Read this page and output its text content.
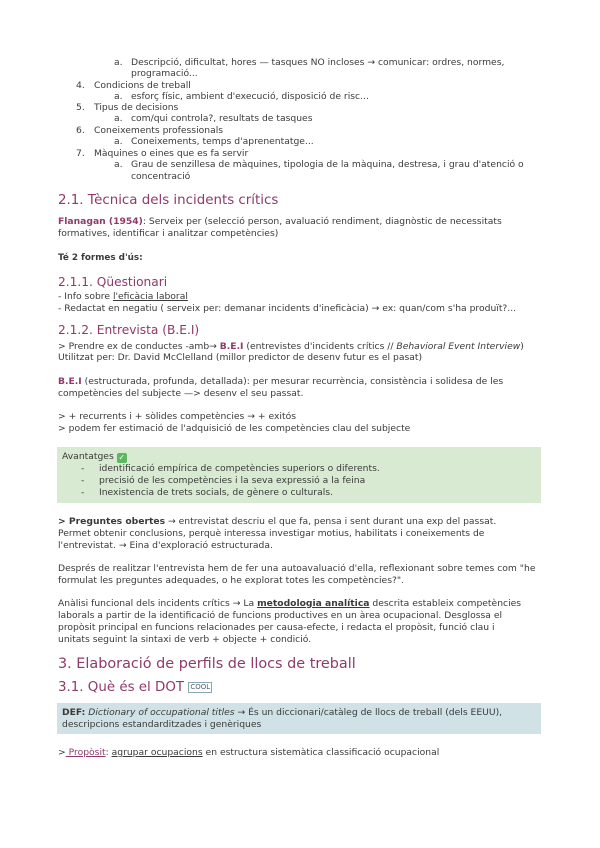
a. Descripció, dificultat, hores — tasques NO incloses → comunicar: ordres, normes,
programació...
4. Condicions de treball
a. esforç físic, ambient d'execució, disposició de risc...
5. Tipus de decisions
a. com/qui controla?, resultats de tasques
6. Coneixements professionals
a. Coneixements, temps d'aprenentatge...
7. Màquines o eines que es fa servir
a. Grau de senzillesa de màquines, tipologia de la màquina, destresa, i grau d'atenció o
concentració
2.1. Tècnica dels incidents crítics
Flanagan (1954): Serveix per (selecció person, avaluació rendiment, diagnòstic de necessitats
formatives, identificar i analitzar competències)
Té 2 formes d'ús:
2.1.1. Qüestionari
- Info sobre l'eficàcia laboral
- Redactat en negatiu ( serveix per: demanar incidents d'ineficàcia) → ex: quan/com s'ha produït?...
2.1.2. Entrevista (B.E.I)
> Prendre ex de conductes -amb→ B.E.I (entrevistes d'incidents crítics // Behavioral Event Interview)
Utilitzat per: Dr. David McClelland (millor predictor de desenv futur es el pasat)
B.E.I (estructurada, profunda, detallada): per mesurar recurrència, consistència i solidesa de les
competències del subjecte —> desenv el seu passat.
> + recurrents i + sòlides competències → + exitós
> podem fer estimació de l'adquisició de les competències clau del subjecte
Avantatges ✓
- identificació empírica de competències superiors o diferents.
- precisió de les competències i la seva expressió a la feina
- Inexistencia de trets socials, de gènere o culturals.
> Preguntes obertes → entrevistat descriu el que fa, pensa i sent durant una exp del passat.
Permet obtenir conclusions, perquè interessa investigar motius, habilitats i coneixements de
l'entrevistat. → Eina d'exploració estructurada.
Després de realitzar l'entrevista hem de fer una autoavaluació d'ella, reflexionant sobre temes com "he
formulat les preguntes adequades, o he explorat totes les competències?".
Anàlisi funcional dels incidents crítics → La metodologia analítica descrita estableix competències
laborals a partir de la identificació de funcions productives en un àrea ocupacional. Desglossa el
propòsit principal en funcions relacionades per causa-efecte, i redacta el propòsit, funció clau i
unitats seguint la sintaxi de verb + objecte + condició.
3. Elaboració de perfils de llocs de treball
3.1. Què és el DOT COOL
DEF: Dictionary of occupational titles → És un diccionari/catàleg de llocs de treball (dels EEUU),
descripcions estandarditzades i genèriques
> Propòsit: agrupar ocupacions en estructura sistemàtica classificació ocupacional
